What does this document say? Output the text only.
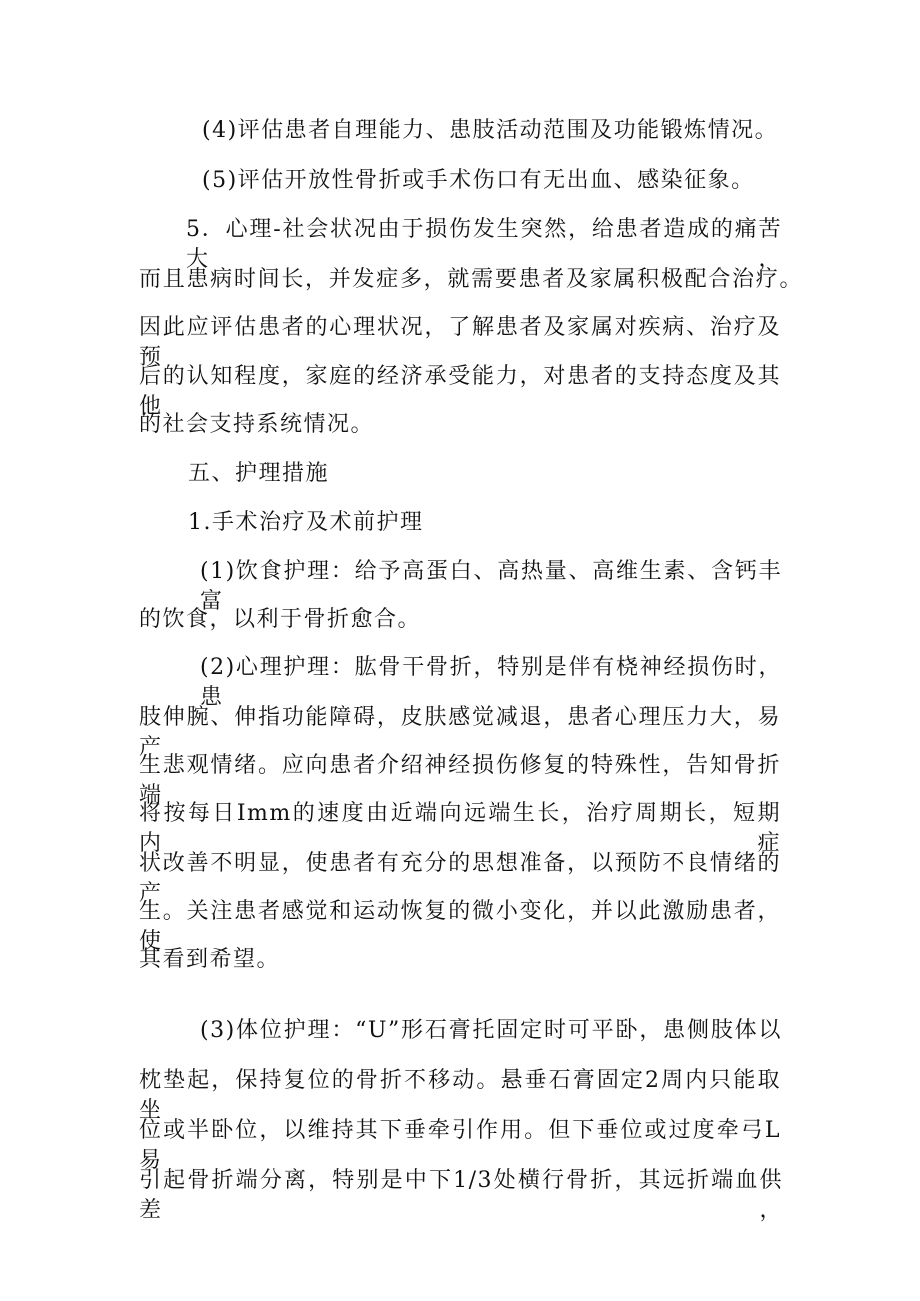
(4)评估患者自理能力、患肢活动范围及功能锻炼情况。
(5)评估开放性骨折或手术伤口有无出血、感染征象。
5．心理-社会状况由于损伤发生突然，给患者造成的痛苦大，
而且患病时间长，并发症多，就需要患者及家属积极配合治疗。
因此应评估患者的心理状况，了解患者及家属对疾病、治疗及预
后的认知程度，家庭的经济承受能力，对患者的支持态度及其他
的社会支持系统情况。
五、护理措施
1.手术治疗及术前护理
(1)饮食护理：给予高蛋白、高热量、高维生素、含钙丰富
的饮食，以利于骨折愈合。
(2)心理护理：肱骨干骨折，特别是伴有桡神经损伤时，患
肢伸腕、伸指功能障碍，皮肤感觉减退，患者心理压力大，易产
生悲观情绪。应向患者介绍神经损伤修复的特殊性，告知骨折端
将按每日Imm的速度由近端向远端生长，治疗周期长，短期内症
状改善不明显，使患者有充分的思想准备，以预防不良情绪的产
生。关注患者感觉和运动恢复的微小变化，并以此激励患者，使
其看到希望。
(3)体位护理：“U”形石膏托固定时可平卧，患侧肢体以
枕垫起，保持复位的骨折不移动。悬垂石膏固定2周内只能取坐
位或半卧位，以维持其下垂牵引作用。但下垂位或过度牵弓L易
引起骨折端分离，特别是中下1/3处横行骨折，其远折端血供差，
